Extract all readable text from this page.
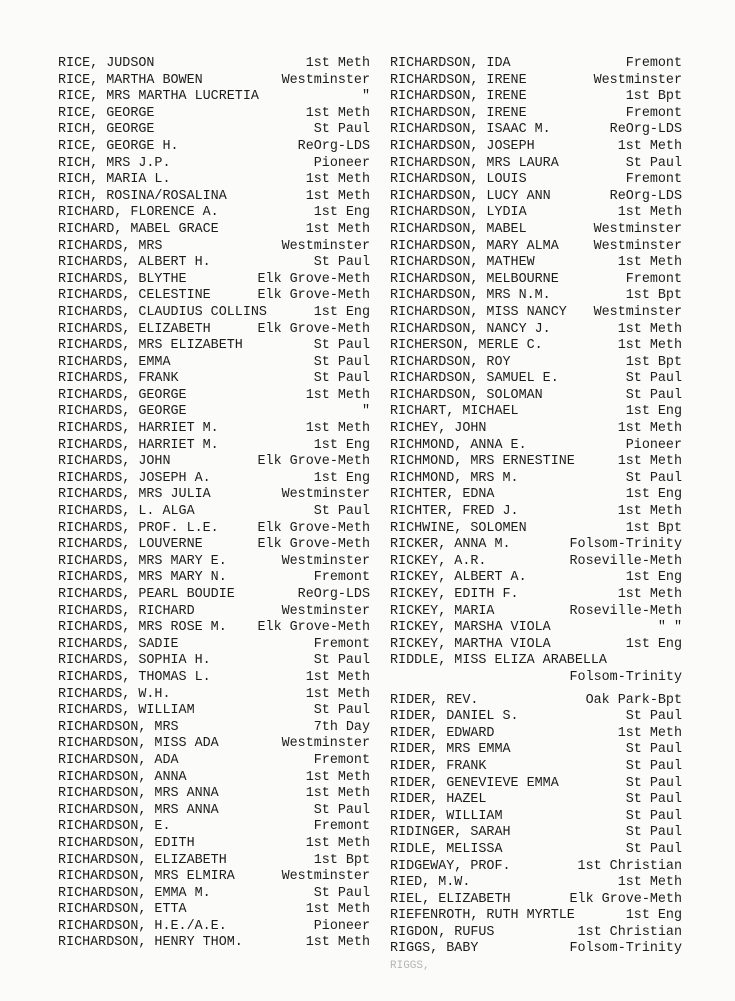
RICE, JUDSON	1st Meth
RICE, MARTHA BOWEN	Westminster
RICE, MRS MARTHA LUCRETIA	"
RICE, GEORGE	1st Meth
RICH, GEORGE	St Paul
RICE, GEORGE H.	ReOrg-LDS
RICH, MRS J.P.	Pioneer
RICH, MARIA L.	1st Meth
RICH, ROSINA/ROSALINA	1st Meth
RICHARD, FLORENCE A.	1st Eng
RICHARD, MABEL GRACE	1st Meth
RICHARDS, MRS	Westminster
RICHARDS, ALBERT H.	St Paul
RICHARDS, BLYTHE	Elk Grove-Meth
RICHARDS, CELESTINE	Elk Grove-Meth
RICHARDS, CLAUDIUS COLLINS	1st Eng
RICHARDS, ELIZABETH	Elk Grove-Meth
RICHARDS, MRS ELIZABETH	St Paul
RICHARDS, EMMA	St Paul
RICHARDS, FRANK	St Paul
RICHARDS, GEORGE	1st Meth
RICHARDS, GEORGE	"
RICHARDS, HARRIET M.	1st Meth
RICHARDS, HARRIET M.	1st Eng
RICHARDS, JOHN	Elk Grove-Meth
RICHARDS, JOSEPH A.	1st Eng
RICHARDS, MRS JULIA	Westminster
RICHARDS, L. ALGA	St Paul
RICHARDS, PROF. L.E.	Elk Grove-Meth
RICHARDS, LOUVERNE	Elk Grove-Meth
RICHARDS, MRS MARY E.	Westminster
RICHARDS, MRS MARY N.	Fremont
RICHARDS, PEARL BOUDIE	ReOrg-LDS
RICHARDS, RICHARD	Westminster
RICHARDS, MRS ROSE M. Elk Grove-Meth
RICHARDS, SADIE	Fremont
RICHARDS, SOPHIA H.	St Paul
RICHARDS, THOMAS L.	1st Meth
RICHARDS, W.H.	1st Meth
RICHARDS, WILLIAM	St Paul
RICHARDSON, MRS	7th Day
RICHARDSON, MISS ADA	Westminster
RICHARDSON, ADA	Fremont
RICHARDSON, ANNA	1st Meth
RICHARDSON, MRS ANNA	1st Meth
RICHARDSON, MRS ANNA	St Paul
RICHARDSON, E.	Fremont
RICHARDSON, EDITH	1st Meth
RICHARDSON, ELIZABETH	1st Bpt
RICHARDSON, MRS ELMIRA	Westminster
RICHARDSON, EMMA M.	St Paul
RICHARDSON, ETTA	1st Meth
RICHARDSON, H.E./A.E.	Pioneer
RICHARDSON, HENRY THOM.	1st Meth
RICHARDSON, IDA	Fremont
RICHARDSON, IRENE	Westminster
RICHARDSON, IRENE	1st Bpt
RICHARDSON, IRENE	Fremont
RICHARDSON, ISAAC M.	ReOrg-LDS
RICHARDSON, JOSEPH	1st Meth
RICHARDSON, MRS LAURA	St Paul
RICHARDSON, LOUIS	Fremont
RICHARDSON, LUCY ANN	ReOrg-LDS
RICHARDSON, LYDIA	1st Meth
RICHARDSON, MABEL	Westminster
RICHARDSON, MARY ALMA	Westminster
RICHARDSON, MATHEW	1st Meth
RICHARDSON, MELBOURNE	Fremont
RICHARDSON, MRS N.M.	1st Bpt
RICHARDSON, MISS NANCY Westminster
RICHARDSON, NANCY J.	1st Meth
RICHERSON, MERLE C.	1st Meth
RICHARDSON, ROY	1st Bpt
RICHARDSON, SAMUEL E.	St Paul
RICHARDSON, SOLOMAN	St Paul
RICHART, MICHAEL	1st Eng
RICHEY, JOHN	1st Meth
RICHMOND, ANNA E.	Pioneer
RICHMOND, MRS ERNESTINE	1st Meth
RICHMOND, MRS M.	St Paul
RICHTER, EDNA	1st Eng
RICHTER, FRED J.	1st Meth
RICHWINE, SOLOMEN	1st Bpt
RICKER, ANNA M.	Folsom-Trinity
RICKEY, A.R.	Roseville-Meth
RICKEY, ALBERT A.	1st Eng
RICKEY, EDITH F.	1st Meth
RICKEY, MARIA	Roseville-Meth
RICKEY, MARSHA VIOLA	" "
RICKEY, MARTHA VIOLA	1st Eng
RIDDLE, MISS ELIZA ARABELLA
Folsom-Trinity
RIDER, REV.	Oak Park-Bpt
RIDER, DANIEL S.	St Paul
RIDER, EDWARD	1st Meth
RIDER, MRS EMMA	St Paul
RIDER, FRANK	St Paul
RIDER, GENEVIEVE EMMA	St Paul
RIDER, HAZEL	St Paul
RIDER, WILLIAM	St Paul
RIDINGER, SARAH	St Paul
RIDLE, MELISSA	St Paul
RIDGEWAY, PROF.	1st Christian
RIED, M.W.	1st Meth
RIEL, ELIZABETH	Elk Grove-Meth
RIEFENROTH, RUTH MYRTLE	1st Eng
RIGDON, RUFUS	1st Christian
RIGGS, BABY	Folsom-Trinity
RIGGS,
